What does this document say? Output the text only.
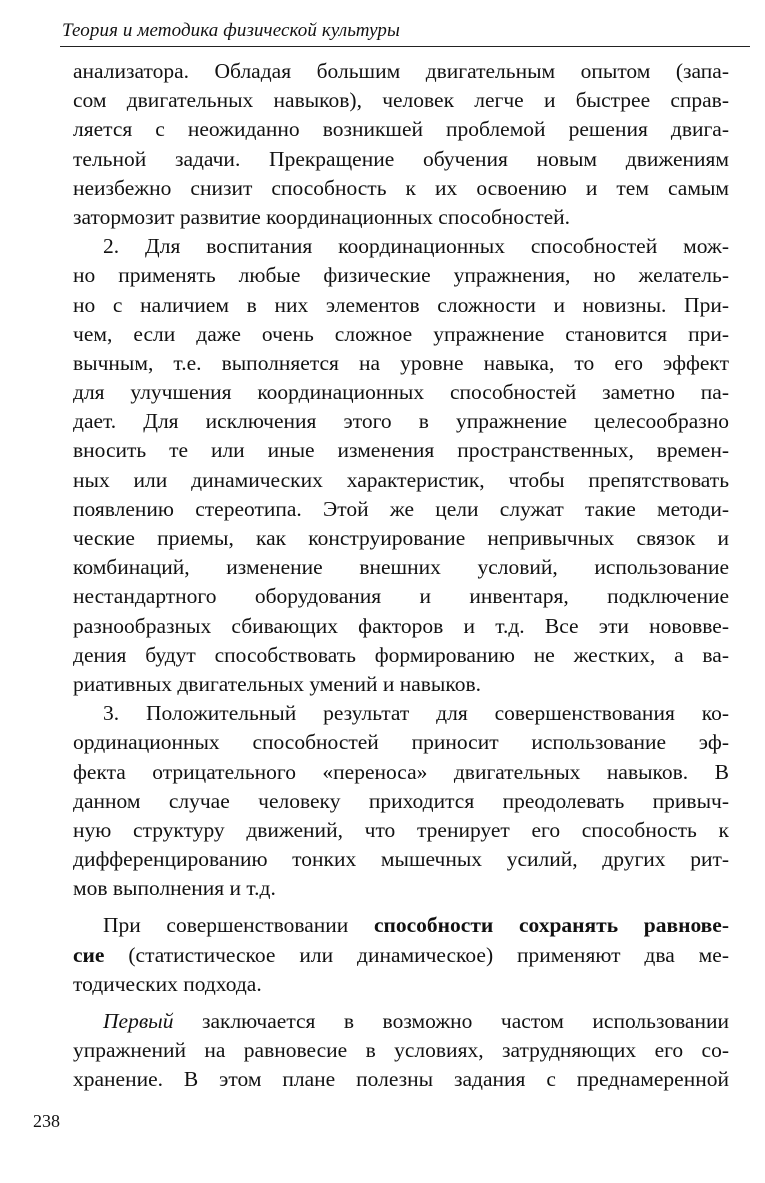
Теория и методика физической культуры
анализатора. Обладая большим двигательным опытом (запа-
сом двигательных навыков), человек легче и быстрее справ-
ляется с неожиданно возникшей проблемой решения двига-
тельной задачи. Прекращение обучения новым движениям
неизбежно снизит способность к их освоению и тем самым
затормозит развитие координационных способностей.
2. Для воспитания координационных способностей мож-
но применять любые физические упражнения, но желатель-
но с наличием в них элементов сложности и новизны. При-
чем, если даже очень сложное упражнение становится при-
вычным, т.е. выполняется на уровне навыка, то его эффект
для улучшения координационных способностей заметно па-
дает. Для исключения этого в упражнение целесообразно
вносить те или иные изменения пространственных, времен-
ных или динамических характеристик, чтобы препятствовать
появлению стереотипа. Этой же цели служат такие методи-
ческие приемы, как конструирование непривычных связок и
комбинаций, изменение внешних условий, использование
нестандартного оборудования и инвентаря, подключение
разнообразных сбивающих факторов и т.д. Все эти нововве-
дения будут способствовать формированию не жестких, а ва-
риативных двигательных умений и навыков.
3. Положительный результат для совершенствования ко-
ординационных способностей приносит использование эф-
фекта отрицательного «переноса» двигательных навыков. В
данном случае человеку приходится преодолевать привыч-
ную структуру движений, что тренирует его способность к
дифференцированию тонких мышечных усилий, других рит-
мов выполнения и т.д.
При совершенствовании способности сохранять равнове-
сие (статистическое или динамическое) применяют два ме-
тодических подхода.
Первый заключается в возможно частом использовании
упражнений на равновесие в условиях, затрудняющих его со-
хранение. В этом плане полезны задания с преднамеренной
238
